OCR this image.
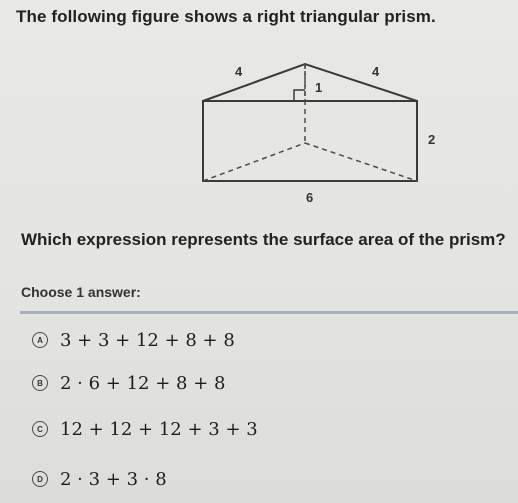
The following figure shows a right triangular prism.
4	4
1
2
6
Which expression represents the surface area of the prism?
Choose 1 answer:
A 3 + 3 + 12 + 8 + 8
B 2 · 6 + 12 + 8 + 8
C 12 + 12 + 12 + 3 + 3
D 2 · 3 + 3 · 8
